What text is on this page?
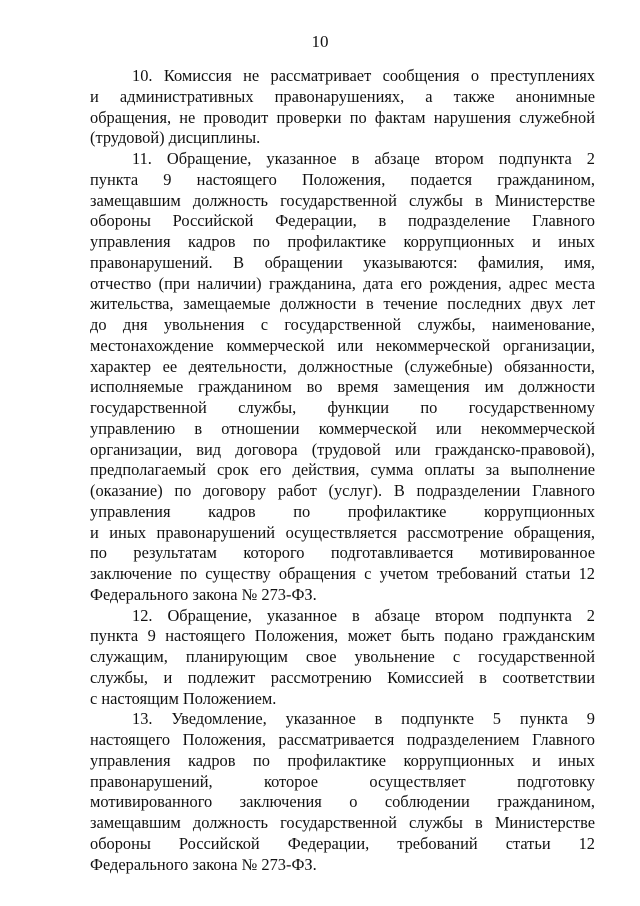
10
10. Комиссия не рассматривает сообщения о преступлениях
и административных правонарушениях, а также анонимные
обращения, не проводит проверки по фактам нарушения служебной
(трудовой) дисциплины.
11. Обращение, указанное в абзаце втором подпункта 2
пункта 9 настоящего Положения, подается гражданином,
замещавшим должность государственной службы в Министерстве
обороны Российской Федерации, в подразделение Главного
управления кадров по профилактике коррупционных и иных
правонарушений. В обращении указываются: фамилия, имя,
отчество (при наличии) гражданина, дата его рождения, адрес места
жительства, замещаемые должности в течение последних двух лет
до дня увольнения с государственной службы, наименование,
местонахождение коммерческой или некоммерческой организации,
характер ее деятельности, должностные (служебные) обязанности,
исполняемые гражданином во время замещения им должности
государственной службы, функции по государственному
управлению в отношении коммерческой или некоммерческой
организации, вид договора (трудовой или гражданско-правовой),
предполагаемый срок его действия, сумма оплаты за выполнение
(оказание) по договору работ (услуг). В подразделении Главного
управления кадров по профилактике коррупционных
и иных правонарушений осуществляется рассмотрение обращения,
по результатам которого подготавливается мотивированное
заключение по существу обращения с учетом требований статьи 12
Федерального закона № 273-ФЗ.
12. Обращение, указанное в абзаце втором подпункта 2
пункта 9 настоящего Положения, может быть подано гражданским
служащим, планирующим свое увольнение с государственной
службы, и подлежит рассмотрению Комиссией в соответствии
с настоящим Положением.
13. Уведомление, указанное в подпункте 5 пункта 9
настоящего Положения, рассматривается подразделением Главного
управления кадров по профилактике коррупционных и иных
правонарушений, которое осуществляет подготовку
мотивированного заключения о соблюдении гражданином,
замещавшим должность государственной службы в Министерстве
обороны Российской Федерации, требований статьи 12
Федерального закона № 273-ФЗ.
